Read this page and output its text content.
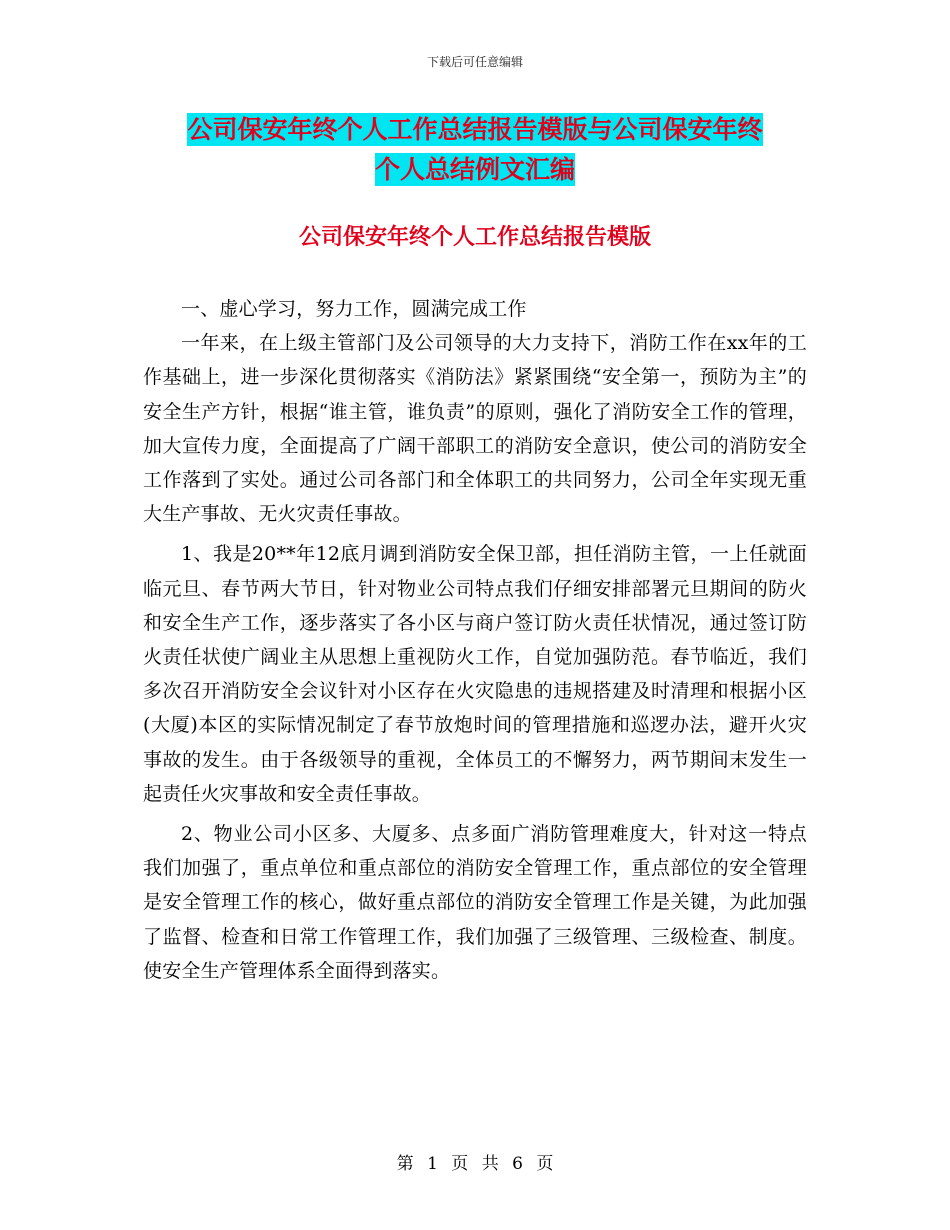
下载后可任意编辑
公司保安年终个人工作总结报告模版与公司保安年终
个人总结例文汇编
公司保安年终个人工作总结报告模版

一、虚心学习，努力工作，圆满完成工作

一年来，在上级主管部门及公司领导的大力支持下，消防工作在xx年的工作基础上，进一步深化贯彻落实《消防法》紧紧围绕“安全第一，预防为主”的安全生产方针，根据“谁主管，谁负责”的原则，强化了消防安全工作的管理，加大宣传力度，全面提高了广阔干部职工的消防安全意识，使公司的消防安全工作落到了实处。通过公司各部门和全体职工的共同努力，公司全年实现无重大生产事故、无火灾责任事故。

1、我是20**年12底月调到消防安全保卫部，担任消防主管，一上任就面临元旦、春节两大节日，针对物业公司特点我们仔细安排部署元旦期间的防火和安全生产工作，逐步落实了各小区与商户签订防火责任状情况，通过签订防火责任状使广阔业主从思想上重视防火工作，自觉加强防范。春节临近，我们多次召开消防安全会议针对小区存在火灾隐患的违规搭建及时清理和根据小区(大厦)本区的实际情况制定了春节放炮时间的管理措施和巡逻办法，避开火灾事故的发生。由于各级领导的重视，全体员工的不懈努力，两节期间末发生一起责任火灾事故和安全责任事故。

2、物业公司小区多、大厦多、点多面广消防管理难度大，针对这一特点我们加强了，重点单位和重点部位的消防安全管理工作，重点部位的安全管理是安全管理工作的核心，做好重点部位的消防安全管理工作是关键，为此加强了监督、检查和日常工作管理工作，我们加强了三级管理、三级检查、制度。使安全生产管理体系全面得到落实。

第 1 页 共 6 页
